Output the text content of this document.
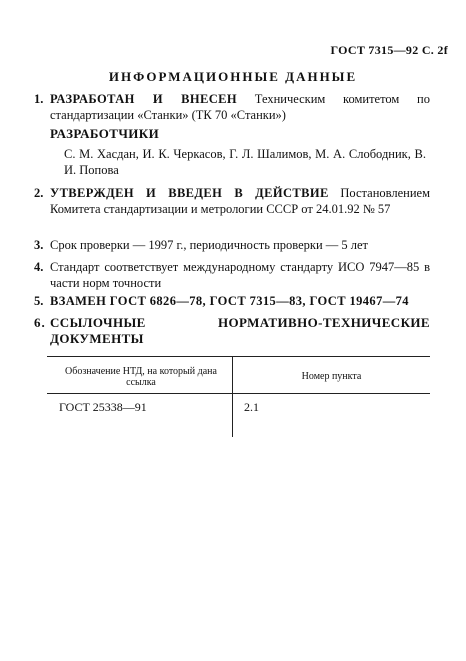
ГОСТ 7315—92 С. 2f
ИНФОРМАЦИОННЫЕ ДАННЫЕ
1. РАЗРАБОТАН И ВНЕСЕН Техническим комитетом по стандартизации «Станки» (ТК 70 «Станки»)
РАЗРАБОТЧИКИ
С. М. Хасдан, И. К. Черкасов, Г. Л. Шалимов, М. А. Слободник, В. И. Попова
2. УТВЕРЖДЕН И ВВЕДЕН В ДЕЙСТВИЕ Постановлением Комитета стандартизации и метрологии СССР от 24.01.92 № 57
3. Срок проверки — 1997 г., периодичность проверки — 5 лет
4. Стандарт соответствует международному стандарту ИСО 7947—85 в части норм точности
5. ВЗАМЕН ГОСТ 6826—78, ГОСТ 7315—83, ГОСТ 19467—74
6. ССЫЛОЧНЫЕ НОРМАТИВНО-ТЕХНИЧЕСКИЕ ДОКУМЕНТЫ
Обозначение НТД, на который дана ссылка
Номер пункта
ГОСТ 25338—91	2.1
